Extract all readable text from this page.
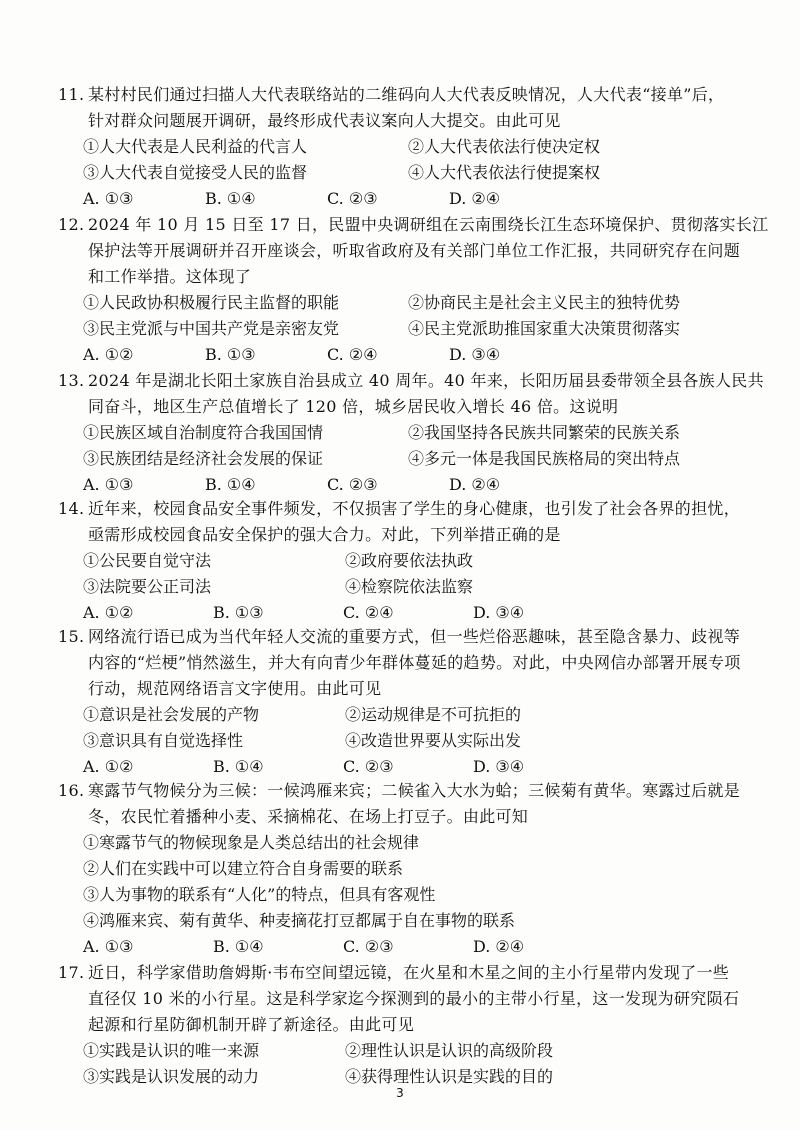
11. 某村村民们通过扫描人大代表联络站的二维码向人大代表反映情况，人大代表“接单”后，
针对群众问题展开调研，最终形成代表议案向人大提交。由此可见
①人大代表是人民利益的代言人	②人大代表依法行使决定权
③人大代表自觉接受人民的监督	④人大代表依法行使提案权
A. ①③	B. ①④	C. ②③	D. ②④
12. 2024 年 10 月 15 日至 17 日，民盟中央调研组在云南围绕长江生态环境保护、贯彻落实长江
保护法等开展调研并召开座谈会，听取省政府及有关部门单位工作汇报，共同研究存在问题
和工作举措。这体现了
①人民政协积极履行民主监督的职能	②协商民主是社会主义民主的独特优势
③民主党派与中国共产党是亲密友党	④民主党派助推国家重大决策贯彻落实
A. ①②	B. ①③	C. ②④	D. ③④
13. 2024 年是湖北长阳土家族自治县成立 40 周年。40 年来，长阳历届县委带领全县各族人民共
同奋斗，地区生产总值增长了 120 倍，城乡居民收入增长 46 倍。这说明
①民族区域自治制度符合我国国情	②我国坚持各民族共同繁荣的民族关系
③民族团结是经济社会发展的保证	④多元一体是我国民族格局的突出特点
A. ①③	B. ①④	C. ②③	D. ②④
14. 近年来，校园食品安全事件频发，不仅损害了学生的身心健康，也引发了社会各界的担忧，
亟需形成校园食品安全保护的强大合力。对此，下列举措正确的是
①公民要自觉守法	②政府要依法执政
③法院要公正司法	④检察院依法监察
A. ①②	B. ①③	C. ②④	D. ③④
15. 网络流行语已成为当代年轻人交流的重要方式，但一些烂俗恶趣味，甚至隐含暴力、歧视等
内容的“烂梗”悄然滋生，并大有向青少年群体蔓延的趋势。对此，中央网信办部署开展专项
行动，规范网络语言文字使用。由此可见
①意识是社会发展的产物	②运动规律是不可抗拒的
③意识具有自觉选择性	④改造世界要从实际出发
A. ①②	B. ①④	C. ②③	D. ③④
16. 寒露节气物候分为三候：一候鸿雁来宾；二候雀入大水为蛤；三候菊有黄华。寒露过后就是
冬，农民忙着播种小麦、采摘棉花、在场上打豆子。由此可知
①寒露节气的物候现象是人类总结出的社会规律
②人们在实践中可以建立符合自身需要的联系
③人为事物的联系有“人化”的特点，但具有客观性
④鸿雁来宾、菊有黄华、种麦摘花打豆都属于自在事物的联系
A. ①③	B. ①④	C. ②③	D. ②④
17. 近日，科学家借助詹姆斯·韦布空间望远镜，在火星和木星之间的主小行星带内发现了一些
直径仅 10 米的小行星。这是科学家迄今探测到的最小的主带小行星，这一发现为研究陨石
起源和行星防御机制开辟了新途径。由此可见
①实践是认识的唯一来源	②理性认识是认识的高级阶段
③实践是认识发展的动力	④获得理性认识是实践的目的
3
